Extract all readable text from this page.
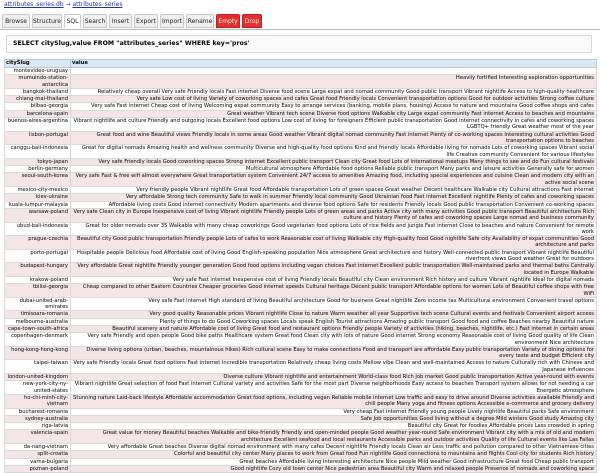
attributes_series.db → attributes_series
Browse	Structure SQL	Search	Insert	Export	Import Rename	Empty	Drop
SELECT citySlug,value FROM "attributes_series" WHERE key='pros'
citySlug	value
montevideo-uruguay	
mumuindo-station-antarctica	Heavily fortified Interesting exploration opportunities
bangkok-thailand	Relatively cheap overall Very safe Friendly locals Fast internet Diverse food scene Large expat and nomad community Good public transport Vibrant nightlife Access to high-quality healthcare
chiang-mai-thailand	Very safe Low cost of living Variety of coworking spaces and cafes Great food Friendly locals Convenient transportation options Good for outdoor activities Strong coffee culture
bilbao-georgia	Very safe Fast internet Cheap cost of living Welcoming expat community Easy to arrange services (banking, mobile plans, housing) Access to nature and mountains Good coffee shops and cafes
barcelona-spain	Great weather Vibrant tech scene Diverse food options Walkable city Large expat community Fast internet Access to beaches and mountains
buenos-aires-argentina	Vibrant nightlife and culture Friendly and outgoing locals Excellent food options Low cost of living for foreigners Efficient public transportation Good internet connectivity in cafes and coworking spaces LGBTQ+ friendly Great weather most of the year
lisbon-portugal	Great food and wine Beautiful views Friendly locals in some areas Good weather Vibrant digital nomad community Fast internet Plenty of co-working spaces Interesting cultural activities Good transportation options to beaches
canggu-bali-indonesia	Great for digital nomads Amazing health and wellness community Diverse and high-quality food options Kind and friendly locals Affordable living for nomads Lots of coworking spaces Vibrant social life Creative community Convenient for various lifestyles
tokyo-japan	Very safe Friendly locals Good coworking spaces Strong internet Excellent public transport Clean city Great food Lots of international meetups Many things to see and do Fun cultural festivals
berlin-germany	Multicultural atmosphere Affordable food options Reliable public transport Many parks and leisure activities Generally safe for women
seoul-south-korea	Very safe Fast & free wifi almost everywhere Great transportation system Convenient 24/7 access to amenities Amazing food, including special experiences and cuisine Clean and modern city with an active social scene
mexico-city-mexico	Very friendly people Vibrant nightlife Great food Affordable transportation Lots of green spaces Great weather Decent healthcare Walkable city Cultural attractions Fast internet
kiev-ukraine	Very affordable Strong tech community Safe to walk in summer Friendly local community Good Ukrainian food Fast internet Excellent nightlife Plenty of cafes and coworking spaces
kuala-lumpur-malaysia	Affordable living costs Good internet connectivity Modern apartments and diverse food options Safe for residents Friendly locals Good public transportation Convenient co-working spaces
warsaw-poland	Very safe Clean city in Europe Inexpensive cost of living Vibrant nightlife Friendly people Lots of green areas and parks Active city with many activities Good public transport Beautiful architecture Rich culture and history Plenty of cafes and coworking spaces Large nomad and business community
ubud-bali-indonesia	Great for older nomads over 35 Walkable with many cheap coworkings Good vegetarian food options Lots of rice fields and jungle Fast internet Close to beaches and nature Convenient for remote work
prague-czechia	Beautiful city Good public transportation Friendly people Lots of cafes to work Reasonable cost of living Walkable city High-quality food Good nightlife Safe city Availability of expat communities Good architecture and parks
porto-portugal	Hospitable people Delicious food Affordable cost of living Good English-speaking population Nice atmosphere Great architecture and history Well-connected public transport Vibrant nightlife Beautiful riverfront views Good weather Great for outdoors
budapest-hungary	Very affordable Great nightlife Friendly younger generation Good food options including vegan choices Fast internet Excellent public transportation Well-maintained parks and thermal baths Centrally located in Europe Walkable
krakow-poland	Very safe Fast internet Inexpensive cost of living Friendly locals Beautiful city Clean environment Rich history and culture Vibrant nightlife Ideal for digital nomads
tbilisi-georgia	Cheap compared to other Eastern Countries Cheaper groceries Good internet speeds Cultural heritage Decent public transport Affordable options for women Lots of Beautiful coffee shops with free WiFi
dubai-united-arab-emirates	Very safe Fast internet High standard of living Beautiful architecture Good for business Great nightlife Zero income tax Multicultural environment Convenient travel options
timisoara-romania	Very good quality Reasonable prices Vibrant nightlife Close to nature Warm weather all year Supportive tech scene Cultural events and festivals Convenient airport access
melbourne-australia	Plenty of things to do Good Coworking spaces Locals speak English Tourist attractions Amazing public transport Good food and coffee Beaches nearby Beautiful nature
cape-town-south-africa	Beautiful scenery and nature Affordable cost of living Great food and restaurant options Friendly people Variety of activities (hiking, beaches, nightlife, etc.) Fast internet in certain areas
copenhagen-denmark	Very safe Friendly and open people Good bike paths Healthcare system Great food Clean city with lots of nature Good internet Strong economy Reasonable cost of living Good quality of life Clean environment Nice architecture
hong-kong-hong-kong	Diverse living options (urban, beaches, mountainous hikes) Rich cultural scene Easy to make connections Food and transport are affordable Easy public transportation Variety of dining options for every taste and budget Efficient city
taipei-taiwan	Very safe Friendly locals Great food options Fast internet Incredible transportation Relatively cheap living costs Mellow vibe Clean and well-maintained Access to nature Culturally rich with Chinese and Japanese influences
london-united-kingdom	Diverse culture Vibrant nightlife and entertainment World-class food Rich job market Good public transportation Active year-round with events
new-york-city-ny-united-states	Vibrant nightlife Great selection of food Fast internet Cultural variety and activities Safe for the most part Diverse neighborhoods Easy access to beaches Transport system allows for not needing a car Energetic atmosphere
ho-chi-minh-city-vietnam	Stunning nature Laid-back lifestyle Affordable accommodation Great food options, including vegan Reliable mobile internet Low traffic and easy to drive around Diverse activities available Friendly and chill people Many yoga and fitness options Accessible e-commerce and grocery delivery
bucharest-romania	Very cheap Fast internet Friendly young people Lively nightlife Beautiful parks Safe environment
sydney-australia	Safe Job opportunities Good living without a degree Mild winters Good study Amazing city
riga-latvia	Beautiful city Great for foodies Affordable prices Less crowded in spring
valencia-spain	Great value for money Beautiful beaches Walkable and bike-friendly Friendly and open-minded people Good weather year-round Safe environment Vibrant city with a mix of old and modern architecture Excellent seafood and local restaurants Accessible parks and outdoor activities Quality of life Cultural events like Las Fallas
da-nang-vietnam	Very affordable Great beaches Diverse digital nomad environment with many cafes Decent nightlife Friendly locals Clean air Less traffic and pollution compared to other Vietnamese cities
split-croatia	Colorful and beautiful city center Many places to work from Great food Fun nightlife Good connections to mountains and flights Cool city for students Rich history
varna-bulgaria	Great beaches Affordable living Interesting architecture Nice people Mild weather Good infrastructure Great food Cheap public transport
poznan-poland	Good nightlife Cozy old town center Nice pedestrian area Beautiful city Warm and relaxed people Presence of nomads and coworking space
